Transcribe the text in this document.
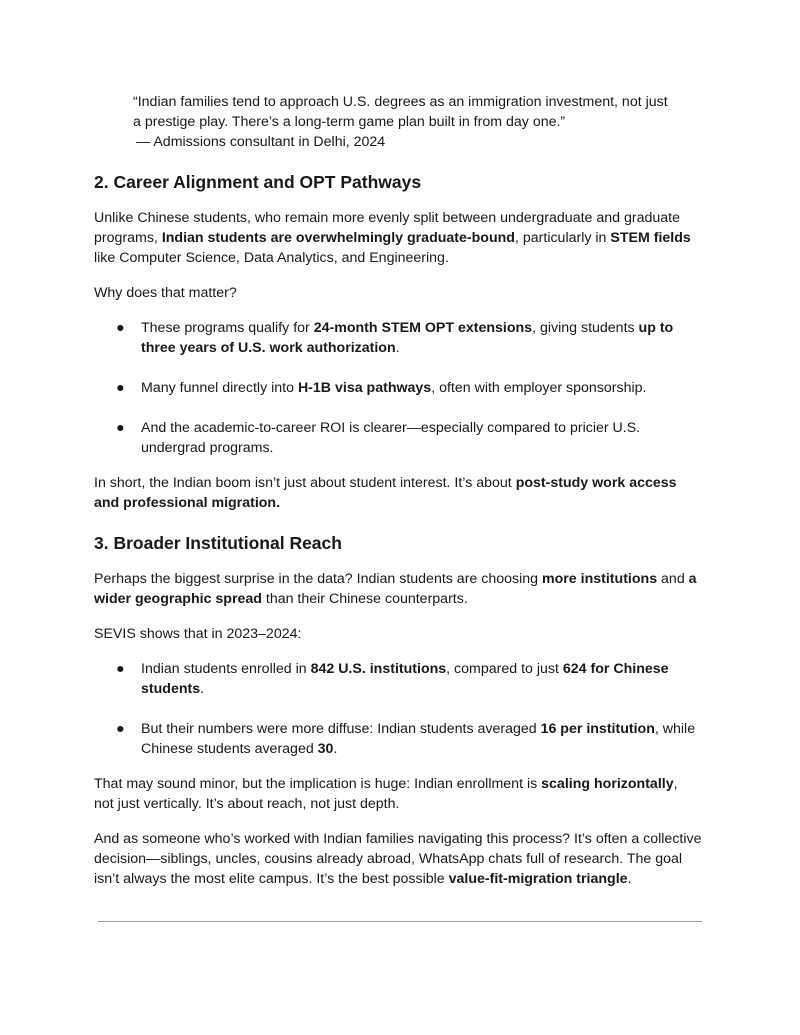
“Indian families tend to approach U.S. degrees as an immigration investment, not just

a prestige play. There’s a long-term game plan built in from day one.”

— Admissions consultant in Delhi, 2024

2. Career Alignment and OPT Pathways

Unlike Chinese students, who remain more evenly split between undergraduate and graduate programs, Indian students are overwhelmingly graduate-bound, particularly in STEM fields like Computer Science, Data Analytics, and Engineering.

Why does that matter?

● These programs qualify for 24-month STEM OPT extensions, giving students up to three years of U.S. work authorization.
● Many funnel directly into H-1B visa pathways, often with employer sponsorship.
● And the academic-to-career ROI is clearer—especially compared to pricier U.S. undergrad programs.

In short, the Indian boom isn’t just about student interest. It’s about post-study work access
and professional migration.

3. Broader Institutional Reach

Perhaps the biggest surprise in the data? Indian students are choosing more institutions and a wider geographic spread than their Chinese counterparts.

SEVIS shows that in 2023–2024:

● Indian students enrolled in 842 U.S. institutions, compared to just 624 for Chinese students.
● But their numbers were more diffuse: Indian students averaged 16 per institution, while Chinese students averaged 30.

That may sound minor, but the implication is huge: Indian enrollment is scaling horizontally,
not just vertically. It’s about reach, not just depth.

And as someone who’s worked with Indian families navigating this process? It’s often a collective decision—siblings, uncles, cousins already abroad, WhatsApp chats full of research. The goal isn’t always the most elite campus. It’s the best possible value-fit-migration triangle.
